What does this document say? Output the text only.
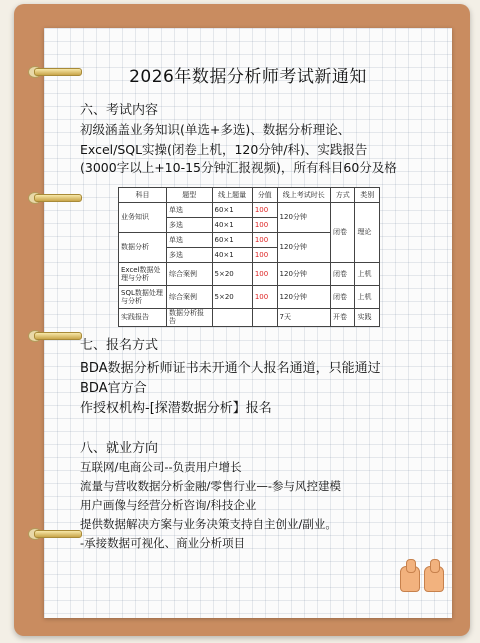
2026年数据分析师考试新通知
六、考试内容
初级涵盖业务知识(单选+多选)、数据分析理论、
Excel/SQL实操(闭卷上机，120分钟/科)、实践报告
(3000字以上+10-15分钟汇报视频)，所有科目60分及格
科目	题型	线上题量	分值	线上考试时长	方式	类别
业务知识	单选	60×1	100	120分钟	闭卷	理论
	多选	40×1	100			
数据分析	单选	60×1	100	120分钟		
	多选	40×1	100			
Excel数据处理与分析	综合案例	5×20	100	120分钟	闭卷	上机
SQL数据处理与分析	综合案例	5×20	100	120分钟	闭卷	上机
实践报告	数据分析报告			7天	开卷	实践
七、报名方式
BDA数据分析师证书未开通个人报名通道，只能通过
BDA官方合
作授权机构-[探潜数据分析】报名
八、就业方向
互联网/电商公司--负责用户增长
流量与营收数据分析金融/零售行业—-参与风控建模
用户画像与经营分析咨询/科技企业
提供数据解决方案与业务决策支持自主创业/副业。
-承接数据可视化、商业分析项目
